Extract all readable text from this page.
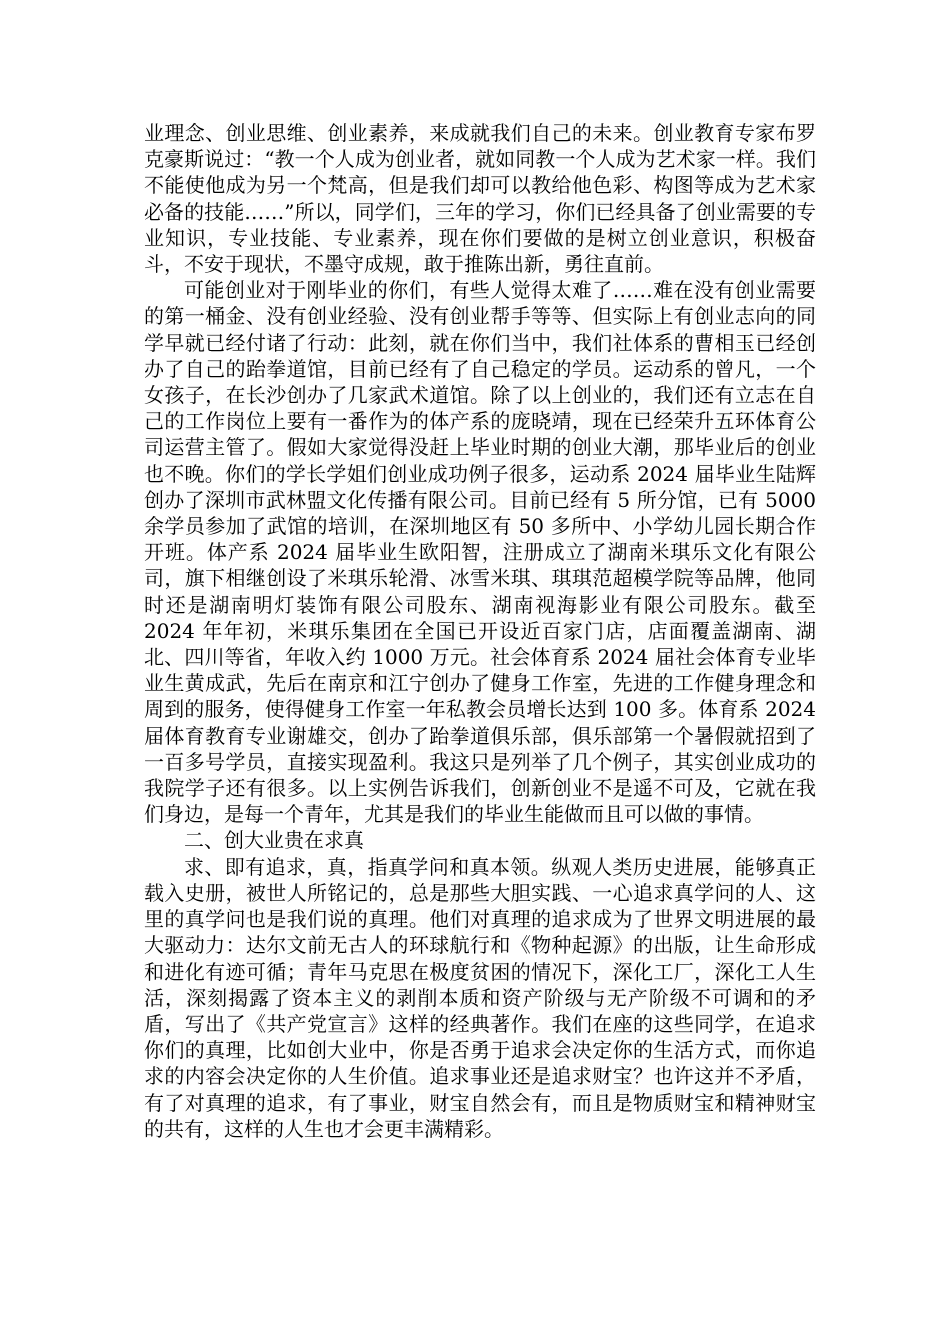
业理念、创业思维、创业素养，来成就我们自己的未来。创业教育专家布罗克豪斯说过：“教一个人成为创业者，就如同教一个人成为艺术家一样。我们不能使他成为另一个梵高，但是我们却可以教给他色彩、构图等成为艺术家必备的技能……”所以，同学们，三年的学习，你们已经具备了创业需要的专业知识，专业技能、专业素养，现在你们要做的是树立创业意识，积极奋斗，不安于现状，不墨守成规，敢于推陈出新，勇往直前。

可能创业对于刚毕业的你们，有些人觉得太难了……难在没有创业需要的第一桶金、没有创业经验、没有创业帮手等等、但实际上有创业志向的同学早就已经付诸了行动：此刻，就在你们当中，我们社体系的曹相玉已经创办了自己的跆拳道馆，目前已经有了自己稳定的学员。运动系的曾凡，一个女孩子，在长沙创办了几家武术道馆。除了以上创业的，我们还有立志在自己的工作岗位上要有一番作为的体产系的庞晓靖，现在已经荣升五环体育公司运营主管了。假如大家觉得没赶上毕业时期的创业大潮，那毕业后的创业也不晚。你们的学长学姐们创业成功例子很多，运动系 2024 届毕业生陆辉创办了深圳市武林盟文化传播有限公司。目前已经有 5 所分馆，已有 5000 余学员参加了武馆的培训，在深圳地区有 50 多所中、小学幼儿园长期合作开班。体产系 2024 届毕业生欧阳智，注册成立了湖南米琪乐文化有限公司，旗下相继创设了米琪乐轮滑、冰雪米琪、琪琪范超模学院等品牌，他同时还是湖南明灯装饰有限公司股东、湖南视海影业有限公司股东。截至 2024 年年初，米琪乐集团在全国已开设近百家门店，店面覆盖湖南、湖北、四川等省，年收入约 1000 万元。社会体育系 2024 届社会体育专业毕业生黄成武，先后在南京和江宁创办了健身工作室，先进的工作健身理念和周到的服务，使得健身工作室一年私教会员增长达到 100 多。体育系 2024 届体育教育专业谢雄交，创办了跆拳道俱乐部，俱乐部第一个暑假就招到了一百多号学员，直接实现盈利。我这只是列举了几个例子，其实创业成功的我院学子还有很多。以上实例告诉我们，创新创业不是遥不可及，它就在我们身边，是每一个青年，尤其是我们的毕业生能做而且可以做的事情。

二、创大业贵在求真

求、即有追求，真，指真学问和真本领。纵观人类历史进展，能够真正载入史册，被世人所铭记的，总是那些大胆实践、一心追求真学问的人、这里的真学问也是我们说的真理。他们对真理的追求成为了世界文明进展的最大驱动力：达尔文前无古人的环球航行和《物种起源》的出版，让生命形成和进化有迹可循；青年马克思在极度贫困的情况下，深化工厂，深化工人生活，深刻揭露了资本主义的剥削本质和资产阶级与无产阶级不可调和的矛盾，写出了《共产党宣言》这样的经典著作。我们在座的这些同学，在追求你们的真理，比如创大业中，你是否勇于追求会决定你的生活方式，而你追求的内容会决定你的人生价值。追求事业还是追求财宝？也许这并不矛盾，有了对真理的追求，有了事业，财宝自然会有，而且是物质财宝和精神财宝的共有，这样的人生也才会更丰满精彩。
